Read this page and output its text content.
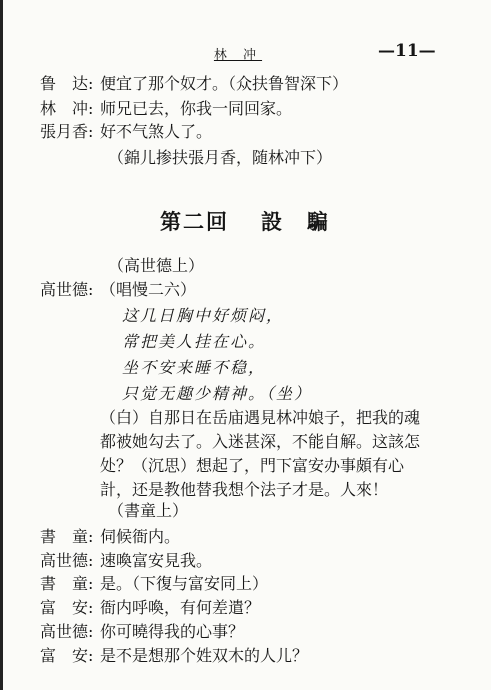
林 冲	—11—
鲁　达: 便宜了那个奴才。（众扶鲁智深下）
林　冲: 师兄已去，你我一同回家。
張月香: 好不气煞人了。
（錦儿掺扶張月香，随林冲下）
第二回 設　騙
（高世德上）
高世德: （唱慢二六）
这几日胸中好烦闷，
常把美人挂在心。
坐不安来睡不稳，
只觉无趣少精神。（坐）
（白）自那日在岳庙遇見林冲娘子，把我的魂都被她勾去了。入迷甚深，不能自解。这該怎处？（沉思）想起了，門下富安办事頗有心計，还是教他替我想个法子才是。人來！
（書童上）
書　童: 伺候衙内。
高世德: 速喚富安見我。
書　童: 是。（下復与富安同上）
富　安: 衙内呼喚，有何差遣？
高世德: 你可曉得我的心事？
富　安: 是不是想那个姓双木的人儿？
